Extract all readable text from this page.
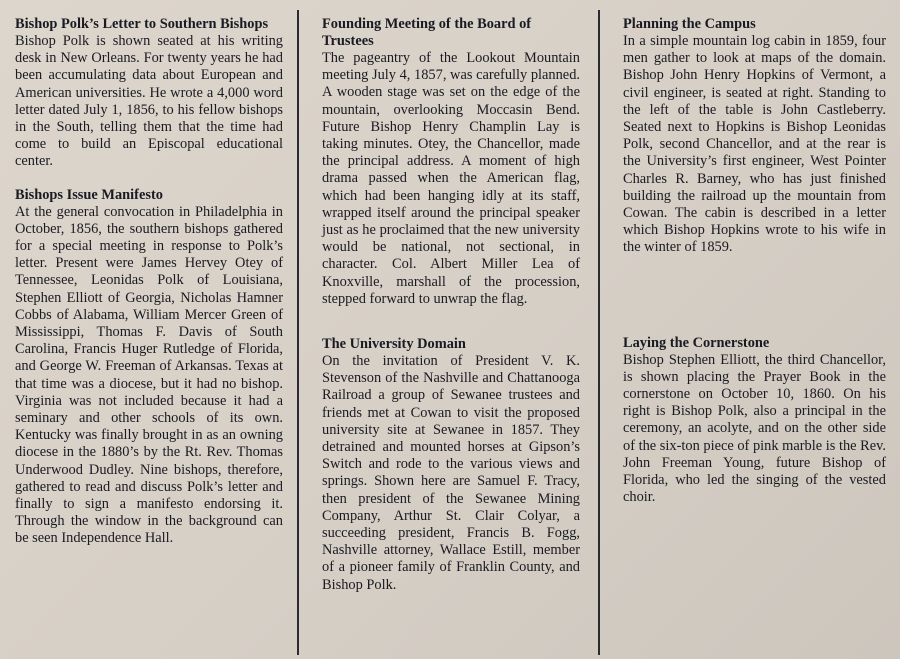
Bishop Polk’s Letter to Southern Bishops

Bishop Polk is shown seated at his writing desk in New Orleans. For twenty years he had been accumulating data about European and American universities. He wrote a 4,000 word letter dated July 1, 1856, to his fellow bishops in the South, telling them that the time had come to build an Episcopal educational center.

Bishops Issue Manifesto

At the general convocation in Philadelphia in October, 1856, the southern bishops gathered for a special meeting in response to Polk’s letter. Present were James Hervey Otey of Tennessee, Leonidas Polk of Louisiana, Stephen Elliott of Georgia, Nicholas Hamner Cobbs of Alabama, William Mercer Green of Mississippi, Thomas F. Davis of South Carolina, Francis Huger Rutledge of Florida, and George W. Freeman of Arkansas. Texas at that time was a diocese, but it had no bishop. Virginia was not included because it had a seminary and other schools of its own. Kentucky was finally brought in as an owning diocese in the 1880’s by the Rt. Rev. Thomas Underwood Dudley. Nine bishops, therefore, gathered to read and discuss Polk’s letter and finally to sign a manifesto endorsing it. Through the window in the background can be seen Independence Hall.

Founding Meeting of the Board of Trustees

The pageantry of the Lookout Mountain meeting July 4, 1857, was carefully planned. A wooden stage was set on the edge of the mountain, overlooking Moccasin Bend. Future Bishop Henry Champlin Lay is taking minutes. Otey, the Chancellor, made the principal address. A moment of high drama passed when the American flag, which had been hanging idly at its staff, wrapped itself around the principal speaker just as he proclaimed that the new university would be national, not sectional, in character. Col. Albert Miller Lea of Knoxville, marshall of the procession, stepped forward to unwrap the flag.

The University Domain

On the invitation of President V. K. Stevenson of the Nashville and Chattanooga Railroad a group of Sewanee trustees and friends met at Cowan to visit the proposed university site at Sewanee in 1857. They detrained and mounted horses at Gipson’s Switch and rode to the various views and springs. Shown here are Samuel F. Tracy, then president of the Sewanee Mining Company, Arthur St. Clair Colyar, a succeeding president, Francis B. Fogg, Nashville attorney, Wallace Estill, member of a pioneer family of Franklin County, and Bishop Polk.

Planning the Campus

In a simple mountain log cabin in 1859, four men gather to look at maps of the domain. Bishop John Henry Hopkins of Vermont, a civil engineer, is seated at right. Standing to the left of the table is John Castleberry. Seated next to Hopkins is Bishop Leonidas Polk, second Chancellor, and at the rear is the University’s first engineer, West Pointer Charles R. Barney, who has just finished building the railroad up the mountain from Cowan. The cabin is described in a letter which Bishop Hopkins wrote to his wife in the winter of 1859.

Laying the Cornerstone

Bishop Stephen Elliott, the third Chancellor, is shown placing the Prayer Book in the cornerstone on October 10, 1860. On his right is Bishop Polk, also a principal in the ceremony, an acolyte, and on the other side of the six-ton piece of pink marble is the Rev. John Freeman Young, future Bishop of Florida, who led the singing of the vested choir.
